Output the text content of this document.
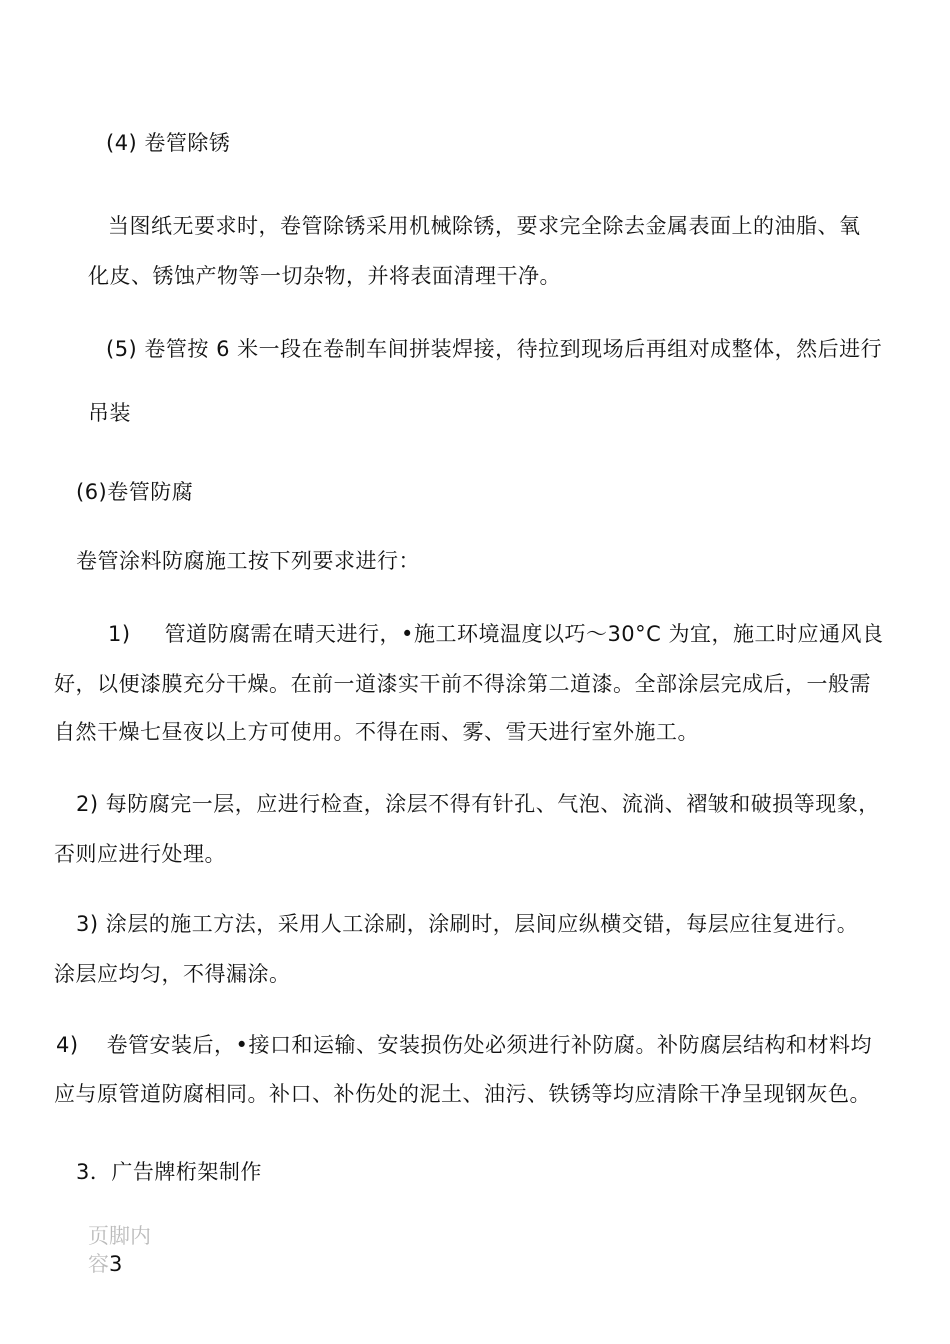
(4) 卷管除锈
当图纸无要求时，卷管除锈采用机械除锈，要求完全除去金属表面上的油脂、氧
化皮、锈蚀产物等一切杂物，并将表面清理干净。
(5) 卷管按 6 米一段在卷制车间拼装焊接，待拉到现场后再组对成整体，然后进行
吊装
(6)卷管防腐
卷管涂料防腐施工按下列要求进行：
1) 管道防腐需在晴天进行，•施工环境温度以巧〜30°C 为宜，施工时应通风良
好，以便漆膜充分干燥。在前一道漆实干前不得涂第二道漆。全部涂层完成后，一般需
自然干燥七昼夜以上方可使用。不得在雨、雾、雪天进行室外施工。
2) 每防腐完一层，应进行检查，涂层不得有针孔、气泡、流淌、褶皱和破损等现象，
否则应进行处理。
3) 涂层的施工方法，采用人工涂刷，涂刷时，层间应纵横交错，每层应往复进行。
涂层应均匀，不得漏涂。
4) 卷管安装后，•接口和运输、安装损伤处必须进行补防腐。补防腐层结构和材料均
应与原管道防腐相同。补口、补伤处的泥土、油污、铁锈等均应清除干净呈现钢灰色。
3．广告牌桁架制作
页脚内
容3
